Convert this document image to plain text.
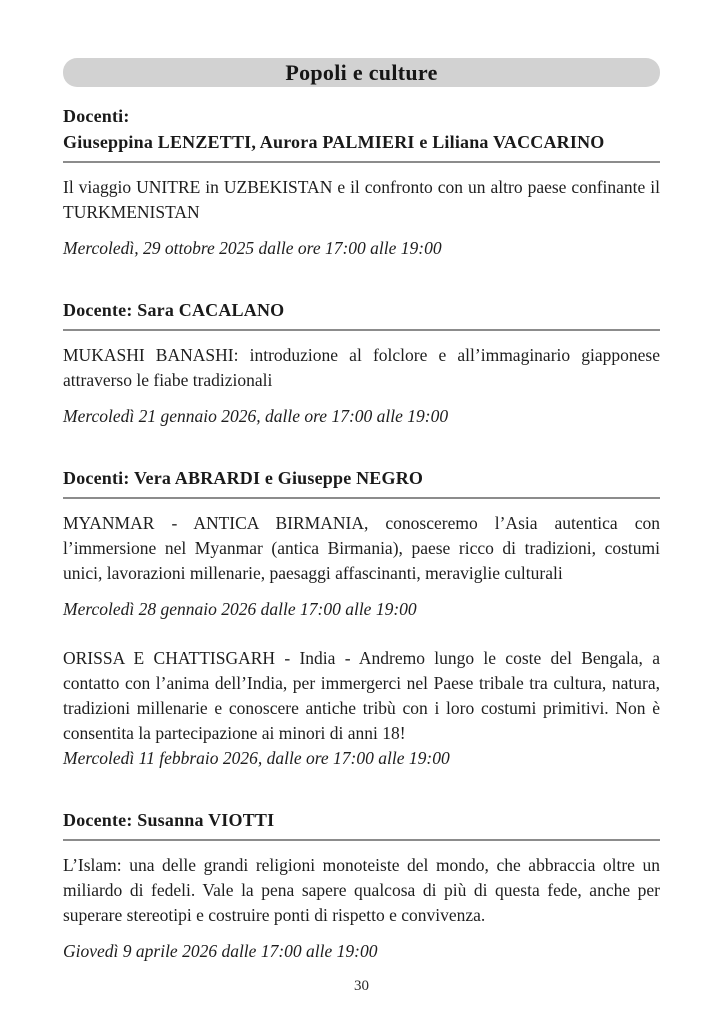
Popoli e culture
Docenti:
Giuseppina LENZETTI, Aurora PALMIERI e Liliana VACCARINO

Il viaggio UNITRE in UZBEKISTAN e il confronto con un altro paese confinante il TURKMENISTAN

Mercoledì, 29 ottobre 2025 dalle ore 17:00 alle 19:00

Docente: Sara CACALANO

MUKASHI BANASHI: introduzione al folclore e all’immaginario giapponese attraverso le fiabe tradizionali

Mercoledì 21 gennaio 2026, dalle ore 17:00 alle 19:00

Docenti: Vera ABRARDI e Giuseppe NEGRO

MYANMAR - ANTICA BIRMANIA, conosceremo l’Asia autentica con l’immersione nel Myanmar (antica Birmania), paese ricco di tradizioni, costumi unici, lavorazioni millenarie, paesaggi affascinanti, meraviglie culturali

Mercoledì 28 gennaio 2026 dalle 17:00 alle 19:00

ORISSA E CHATTISGARH - India - Andremo lungo le coste del Bengala, a contatto con l’anima dell’India, per immergerci nel Paese tribale tra cultura, natura, tradizioni millenarie e conoscere antiche tribù con i loro costumi primitivi. Non è consentita la partecipazione ai minori di anni 18!

Mercoledì 11 febbraio 2026, dalle ore 17:00 alle 19:00

Docente: Susanna VIOTTI

L’Islam: una delle grandi religioni monoteiste del mondo, che abbraccia oltre un miliardo di fedeli. Vale la pena sapere qualcosa di più di questa fede, anche per superare stereotipi e costruire ponti di rispetto e convivenza.

Giovedì 9 aprile 2026 dalle 17:00 alle 19:00

30
